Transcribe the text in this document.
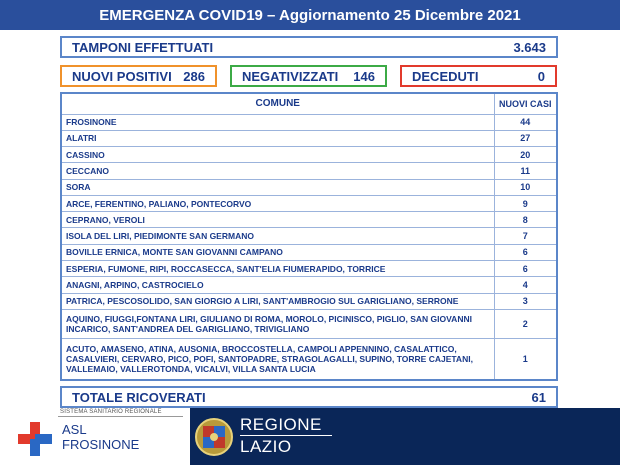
EMERGENZA COVID19 – Aggiornamento 25 Dicembre 2021
TAMPONI EFFETTUATI	3.643
NUOVI POSITIVI 286	NEGATIVIZZATI 146	DECEDUTI	0
COMUNE	NUOVI CASI
FROSINONE	44
ALATRI	27
CASSINO	20
CECCANO	11
SORA	10
ARCE, FERENTINO, PALIANO, PONTECORVO	9
CEPRANO, VEROLI	8
ISOLA DEL LIRI, PIEDIMONTE SAN GERMANO	7
BOVILLE ERNICA, MONTE SAN GIOVANNI CAMPANO	6
ESPERIA, FUMONE, RIPI, ROCCASECCA, SANT'ELIA FIUMERAPIDO, TORRICE	6
ANAGNI, ARPINO, CASTROCIELO	4
PATRICA, PESCOSOLIDO, SAN GIORGIO A LIRI, SANT'AMBROGIO SUL GARIGLIANO, SERRONE	3
AQUINO, FIUGGI,FONTANA LIRI, GIULIANO DI ROMA, MOROLO, PICINISCO, PIGLIO, SAN GIOVANNI INCARICO, SANT'ANDREA DEL GARIGLIANO, TRIVIGLIANO	2
ACUTO, AMASENO, ATINA, AUSONIA, BROCCOSTELLA, CAMPOLI APPENNINO, CASALATTICO, CASALVIERI, CERVARO, PICO, POFI, SANTOPADRE, STRAGOLAGALLI, SUPINO, TORRE CAJETANI, VALLEMAIO, VALLEROTONDA, VICALVI, VILLA SANTA LUCIA	1
TOTALE RICOVERATI	61
SISTEMA SANITARIO REGIONALE
ASL
FROSINONE
REGIONE
LAZIO
